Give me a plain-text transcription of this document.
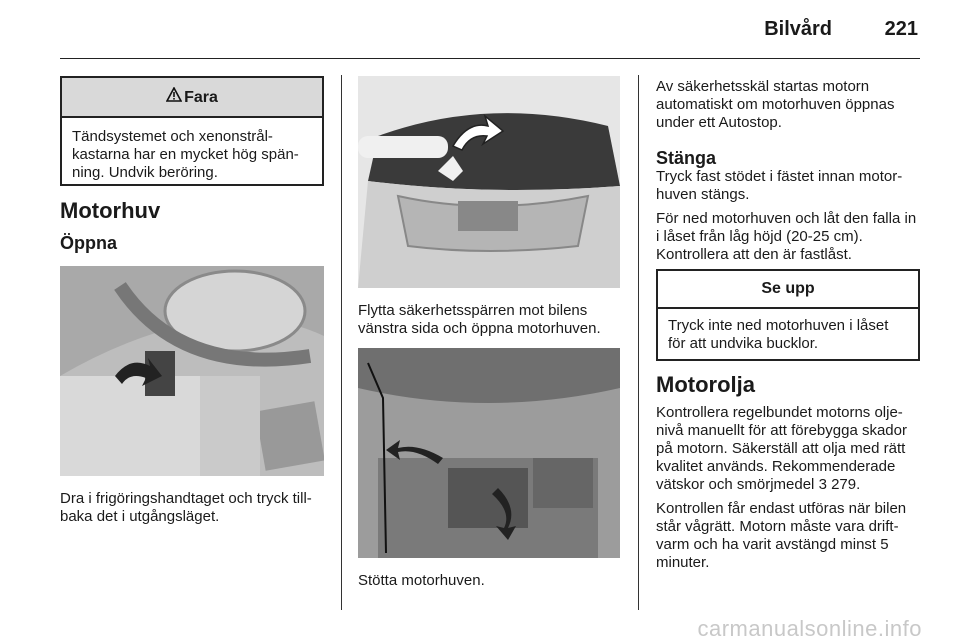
Bilvård	221
Fara
Tändsystemet och xenonstrål-kastarna har en mycket hög spän-ning. Undvik beröring.
Motorhuv
Öppna
Dra i frigöringshandtaget och tryck till-baka det i utgångsläget.
Flytta säkerhetsspärren mot bilens vänstra sida och öppna motorhuven.
Stötta motorhuven.
Av säkerhetsskäl startas motorn automatiskt om motorhuven öppnas under ett Autostop.
Stänga
Tryck fast stödet i fästet innan motor-huven stängs.
För ned motorhuven och låt den falla in i låset från låg höjd (20-25 cm). Kontrollera att den är fastlåst.
Se upp
Tryck inte ned motorhuven i låset för att undvika bucklor.
Motorolja
Kontrollera regelbundet motorns olje-nivå manuellt för att förebygga skador på motorn. Säkerställ att olja med rätt kvalitet används. Rekommenderade vätskor och smörjmedel 3 279.
Kontrollen får endast utföras när bilen står vågrätt. Motorn måste vara drift-varm och ha varit avstängd minst 5 minuter.
carmanualsonline.info
